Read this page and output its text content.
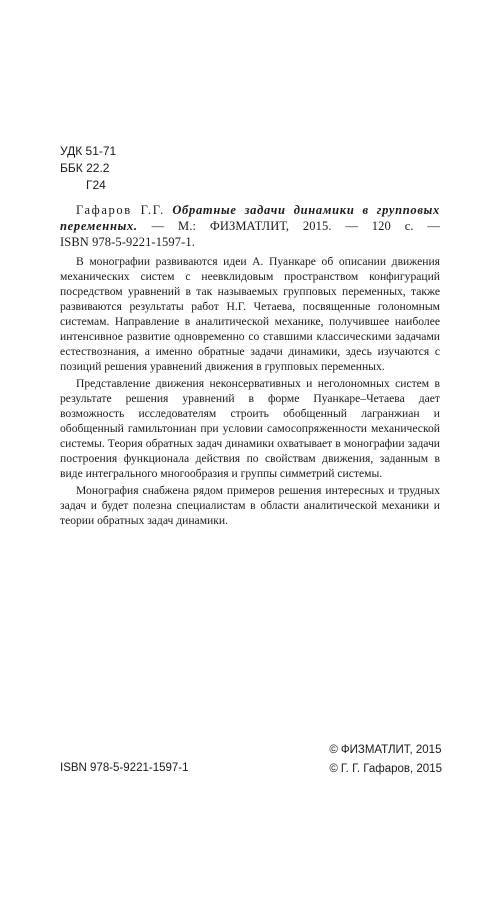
УДК 51-71
ББК 22.2
Г24
Гафаров Г.Г. Обратные задачи динамики в групповых переменных. — М.: ФИЗМАТЛИТ, 2015. — 120 с. — ISBN 978-5-9221-1597-1.

В монографии развиваются идеи А. Пуанкаре об описании движения механических систем с неевклидовым пространством конфигураций посредством уравнений в так называемых групповых переменных, также развиваются результаты работ Н.Г. Четаева, посвященные голономным системам. Направление в аналитической механике, получившее наиболее интенсивное развитие одновременно со ставшими классическими задачами естествознания, а именно обратные задачи динамики, здесь изучаются с позиций решения уравнений движения в групповых переменных.

Представление движения неконсервативных и неголономных систем в результате решения уравнений в форме Пуанкаре–Четаева дает возможность исследователям строить обобщенный лагранжиан и обобщенный гамильтониан при условии самосопряженности механической системы. Теория обратных задач динамики охватывает в монографии задачи построения функционала действия по свойствам движения, заданным в виде интегрального многообразия и группы симметрий системы.

Монография снабжена рядом примеров решения интересных и трудных задач и будет полезна специалистам в области аналитической механики и теории обратных задач динамики.

ISBN 978-5-9221-1597-1
© ФИЗМАТЛИТ, 2015
© Г. Г. Гафаров, 2015
